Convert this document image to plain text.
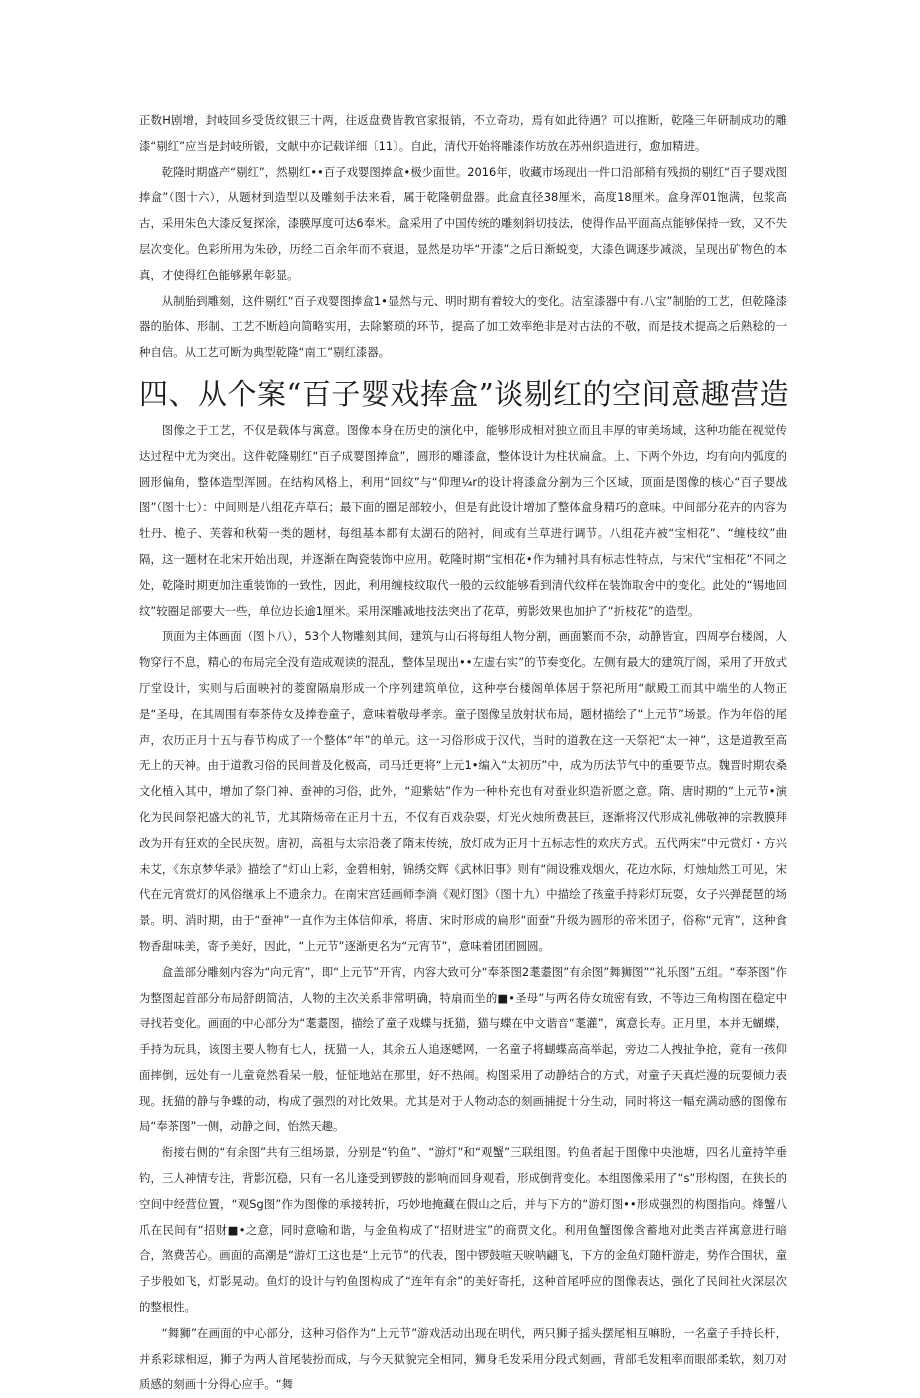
正数H剧增，封岐回乡受货纹银三十两，往返盘费皆教官家报销，不立奇功，焉有如此待遇？可以推断，乾隆三年研制成功的雕漆“剔红”应当是封岐所锻，文献中亦记载详细〔11〕。自此，清代开始将雕漆作坊放在苏州织造进行，愈加精进。

乾隆时期盛产“剔红”，然剔红••百子戏婴图捧盒•极少面世。2016年，收藏市场现出一件口沿部稍有残损的剔红“百子婴戏图捧盒”（图十六），从题材到造型以及雕刻手法来看，属于乾隆朝盘器。此盒直径38厘米，高度18厘米。盒身浑01饱满，包浆高古，采用朱色大漆反复探涂，漆膜厚度可达6奉米。盒采用了中国传统的雕刻斜切技法，使得作品平面高点能够保持一致，又不失层次变化。色彩所用为朱砂，历经二百余年而不衰退，显然是功毕“开漆”之后日渐蜕变，大漆色调逐步减淡，呈现出矿物色的本真，才使得红色能够累年彰显。

从制胎到雕刻，这件剔红“百子戏婴图捧盒1•显然与元、明时期有着较大的变化。洁室漆器中有.八宝”制胎的工艺，但乾隆漆器的胎体、形制、工艺不断趋向简略实用，去除繁琐的环节，提高了加工效率绝非是对古法的不敬，而是技术提高之后熟稔的一种自信。从工艺可断为典型乾隆“南工”剔红漆器。

四、从个案“百子婴戏捧盒”谈剔红的空间意趣营造

图像之于工艺，不仅是载体与寓意。图像本身在历史的演化中，能够形成相对独立而且丰厚的审美场域，这种功能在视觉传达过程中尤为突出。这件乾隆剔红“百子成婴图捧盒”，圆形的雕漆盒，整体设计为柱状扁盒。上、下两个外边，均有向内弧度的圆形偏角，整体造型浑圆。在结构风格上，利用“回纹”与“仰理¼r的设计将漆盒分割为三个区域，顶面是图像的核心“百子婴战图”（图十七）：中间则是八组花卉草石；最下面的圈足部较小，但是有此设计增加了整体盒身精巧的意味。中间部分花卉的内容为牡丹、桅子、芙蓉和秋菊一类的题材，每组基本都有太湖石的陪衬，间或有兰草进行调节。八组花卉被“宝相花”、“缠枝纹”曲隔，这一题材在北宋开始出现，并逐渐在陶瓷装饰中应用。乾隆时期“宝相花•作为辅衬具有标志性特点，与宋代“宝相花”不同之处，乾隆时期更加注重装饰的一致性，因此，利用缠枝纹取代一般的云纹能够看到清代纹样在装饰取舍中的变化。此处的“锡地回纹”较圈足部要大一些，单位边长逾1厘米。采用深雕减地技法突出了花草，剪影效果也加护了“折枝花”的造型。

顶面为主体画面（图卜八），53个人物雕刻其间，建筑与山石将每组人物分割，画面繁而不杂，动静皆宜，四周亭台楼阁，人物穿行不息，精心的布局完全没有造成观读的混乱，整体呈现出••左虚右实”的节奏变化。左侧有最大的建筑厅阁，采用了开放式厅堂设计，实则与后面映衬的菱窗隔扇形成一个序列建筑单位，这种亭台楼阁单体居于祭祀所用“献殿工而其中端坐的人物正是“圣母，在其周围有奉茶侍女及捧卷童子，意味着敬母孝亲。童子图像呈放射状布局，题材描绘了“上元节”场景。作为年俗的尾声，农历正月十五与春节构成了一个整体“年”的单元。这一习俗形成于汉代，当时的道教在这一天祭祀“太一神”，这是道教至高无上的天神。由于道教习俗的民间普及化极高，司马迁更将“上元1•编入“太初历”中，成为历法节气中的重要节点。魏晋时期农桑文化植入其中，增加了祭门神、蚕神的习俗，此外，“迎紫姑”作为一种朴充也有对蚕业织造祈愿之意。隋、唐时期的“上元节•演化为民间祭祀盛大的礼节，尤其隋炀帝在正月十五，不仅有百戏杂耍，灯光火烛所费甚巨，逐渐将汉代形成礼佛敬神的宗教膜拜改为开有狂欢的全民庆贺。唐初，高祖与太宗沿袭了隋末传统，放灯成为正月十五标志性的欢庆方式。五代两宋“中元赏灯・方兴未艾，《东京梦华录》描绘了“灯山上彩，金碧相射，锦绣交辉《武林旧事》则有“闹设雅戏烟火，花边水际，灯烛灿然工可见，宋代在元宵赏灯的风俗继承上不遗余力。在南宋宫廷画师李淌《观灯图》（图十九）中描绘了孩童手持彩灯玩耍，女子兴弹琵琶的场景。明、消时期，由于“蚕神”一直作为主体信仰承，将唐、宋时形成的扁形“面蚕”升级为圆形的帝米团子，俗称“元宵”，这种食物香甜味美，寄予美好，因此，“上元节”逐渐更名为“元宵节”，意味着团团圆圆。

盒盖部分雕刻内容为“向元宵”，即“上元节”开宵，内容大致可分“奉茶图2耄耋图”有余图”舞狮图”“礼乐图”五组。“奉茶图”作为整图起首部分布局舒朗简洁，人物的主次关系非常明确，特扇而坐的■•圣母”与两名侍女琉密有致，不等边三角构图在稳定中寻找若变化。画面的中心部分为“耄耋图，描绘了童子戏蝶与抚猫，猫与蝶在中文谐音“耄灌”，寓意长寿。正月里，本并无蝴蝶，手持为玩具，该图主要人物有七人，抚猫一人，其余五人追逐蟋网，一名童子将蝴蝶高高举起，旁边二人拽扯争抢，竟有一孩仰面摔倒，远处有一儿童竟然看呆一般，怔怔地站在那里，好不热闹。构图采用了动静结合的方式，对童子天真烂漫的玩耍倾力表现。抚猫的静与争蝶的动，构成了强烈的对比效果。尤其是对于人物动态的刻画捕捉十分生动，同时将这一幅充满动感的图像布局“奉茶图”一侧，动静之间，怡然天趣。

衔接右侧的“有余图”共有三组场景，分别是“钓鱼”、“游灯”和“观蟹”三联组图。钓鱼者起于图像中央池塘，四名儿童持竿垂钓，三人神情专注，背影沉稳，只有一名儿逢受到锣鼓的影响而回身观看，形成倒背变化。本组图像采用了“s”形构图，在狭长的空间中经营位置，“观Sg图”作为图像的承接转折，巧妙地掩藏在假山之后，并与下方的“游灯图••形成强烈的构图指向。烽蟹八爪在民间有“招财■•之意，同时意喻和谐，与金鱼构成了“招财进宝”的商贾文化。利用鱼蟹图像含蓄地对此类吉祥寓意进行暗合，煞费苦心。画面的高潮是“游灯工这也是“上元节”的代表，图中锣鼓喧天唳呐翩飞，下方的金鱼灯随杆游走，势作合围状，童子步般如飞，灯影晃动。鱼灯的设计与钓鱼图构成了“连年有余”的美好寄托，这种首尾呼应的图像表达，强化了民间社火深层次的整根性。

“舞狮”在画面的中心部分，这种习俗作为“上元节”游戏活动出现在明代，两只狮子摇头摆尾相互嘛盼，一名童子手持长杆，并系彩球相逗，狮子为两人首尾装扮而成，与今天狱貌完全相同，狮身毛发采用分段式刻画，背部毛发粗率而眼部柔软，刻刀对质感的刻画十分得心应手。“舞
